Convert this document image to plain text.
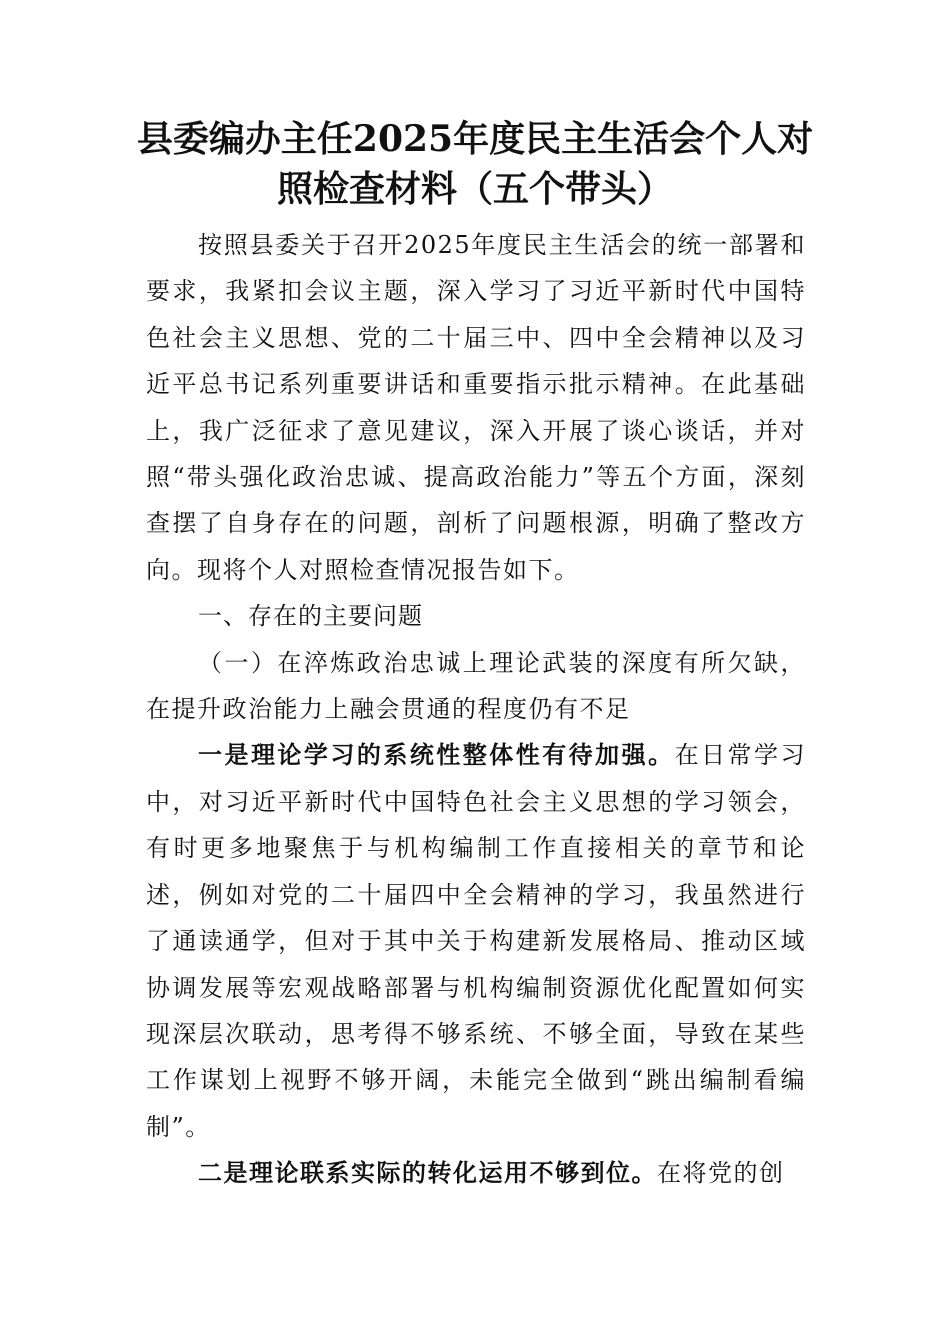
县委编办主任2025年度民主生活会个人对照检查材料（五个带头）

按照县委关于召开2025年度民主生活会的统一部署和要求，我紧扣会议主题，深入学习了习近平新时代中国特色社会主义思想、党的二十届三中、四中全会精神以及习近平总书记系列重要讲话和重要指示批示精神。在此基础上，我广泛征求了意见建议，深入开展了谈心谈话，并对照“带头强化政治忠诚、提高政治能力”等五个方面，深刻查摆了自身存在的问题，剖析了问题根源，明确了整改方向。现将个人对照检查情况报告如下。

一、存在的主要问题

（一）在淬炼政治忠诚上理论武装的深度有所欠缺，在提升政治能力上融会贯通的程度仍有不足

一是理论学习的系统性整体性有待加强。在日常学习中，对习近平新时代中国特色社会主义思想的学习领会，有时更多地聚焦于与机构编制工作直接相关的章节和论述，例如对党的二十届四中全会精神的学习，我虽然进行了通读通学，但对于其中关于构建新发展格局、推动区域协调发展等宏观战略部署与机构编制资源优化配置如何实现深层次联动，思考得不够系统、不够全面，导致在某些工作谋划上视野不够开阔，未能完全做到“跳出编制看编制”。

二是理论联系实际的转化运用不够到位。在将党的创
